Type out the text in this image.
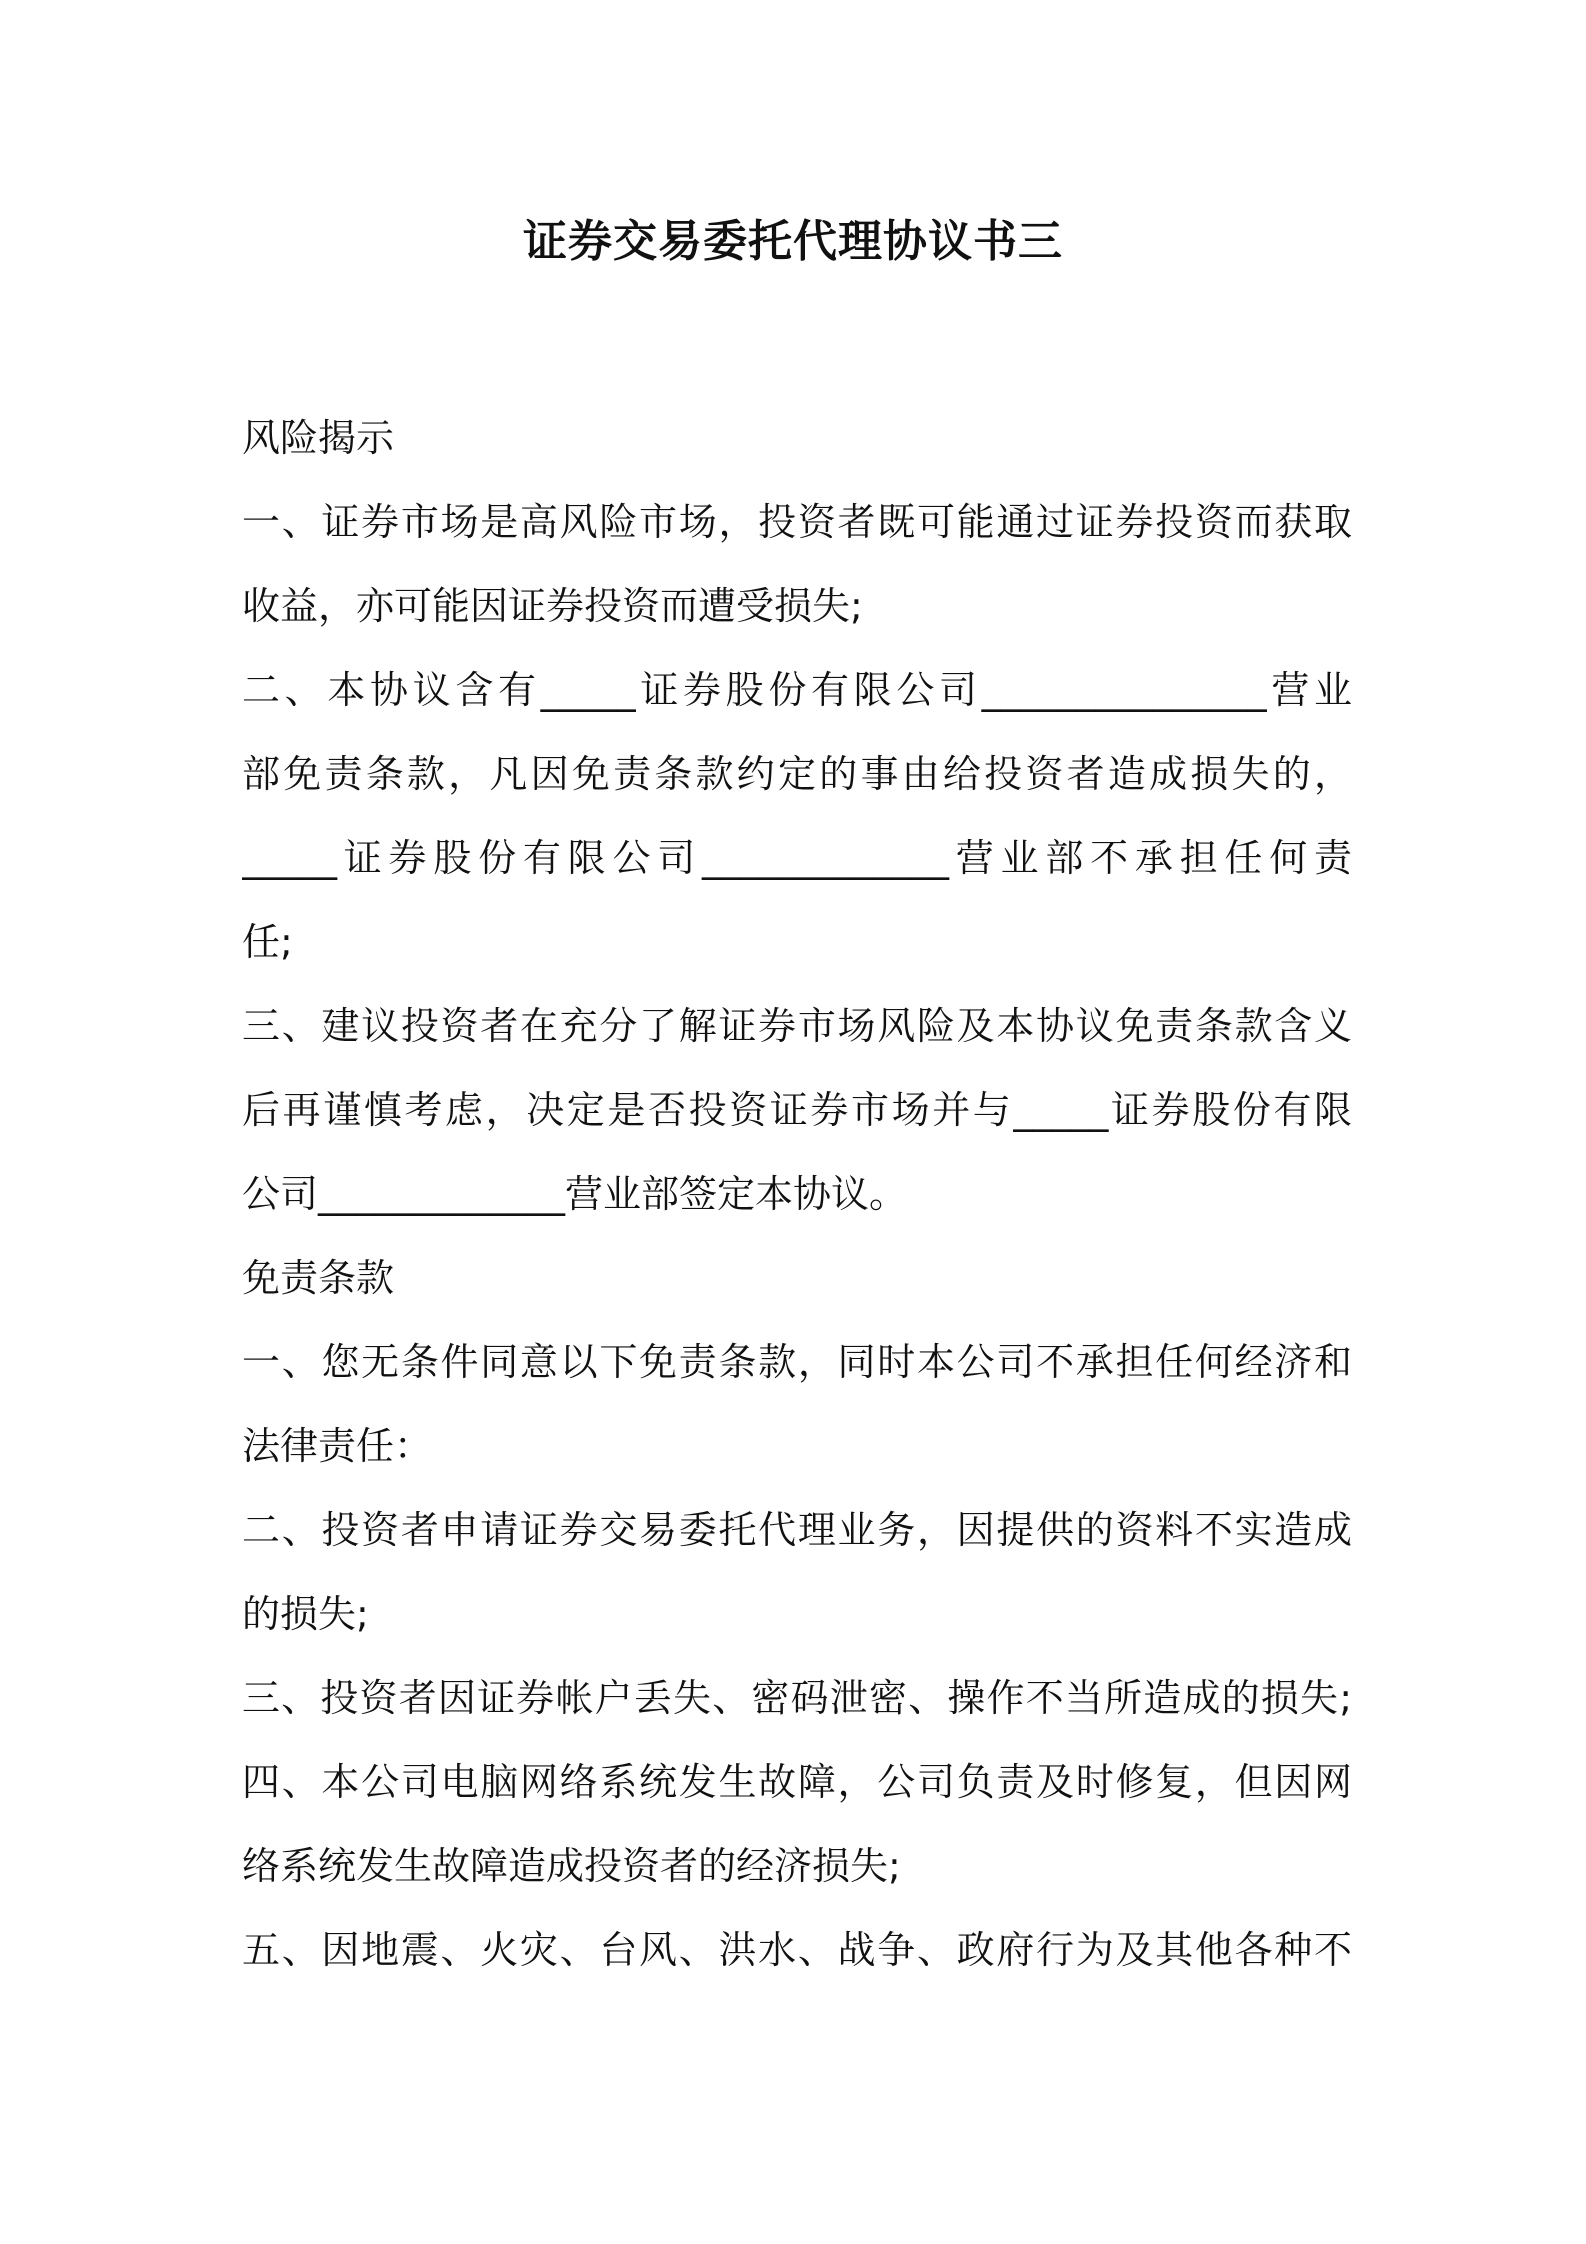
证券交易委托代理协议书三
风险揭示
一、证券市场是高风险市场，投资者既可能通过证券投资而获取
收益，亦可能因证券投资而遭受损失;
二、本协议含有_____证券股份有限公司_______________营业
部免责条款，凡因免责条款约定的事由给投资者造成损失的，
_____证券股份有限公司_____________营业部不承担任何责
任;
三、建议投资者在充分了解证券市场风险及本协议免责条款含义
后再谨慎考虑，决定是否投资证券市场并与_____证券股份有限
公司_____________营业部签定本协议。
免责条款
一、您无条件同意以下免责条款，同时本公司不承担任何经济和
法律责任：
二、投资者申请证券交易委托代理业务，因提供的资料不实造成
的损失;
三、投资者因证券帐户丢失、密码泄密、操作不当所造成的损失;
四、本公司电脑网络系统发生故障，公司负责及时修复，但因网
络系统发生故障造成投资者的经济损失;
五、因地震、火灾、台风、洪水、战争、政府行为及其他各种不
